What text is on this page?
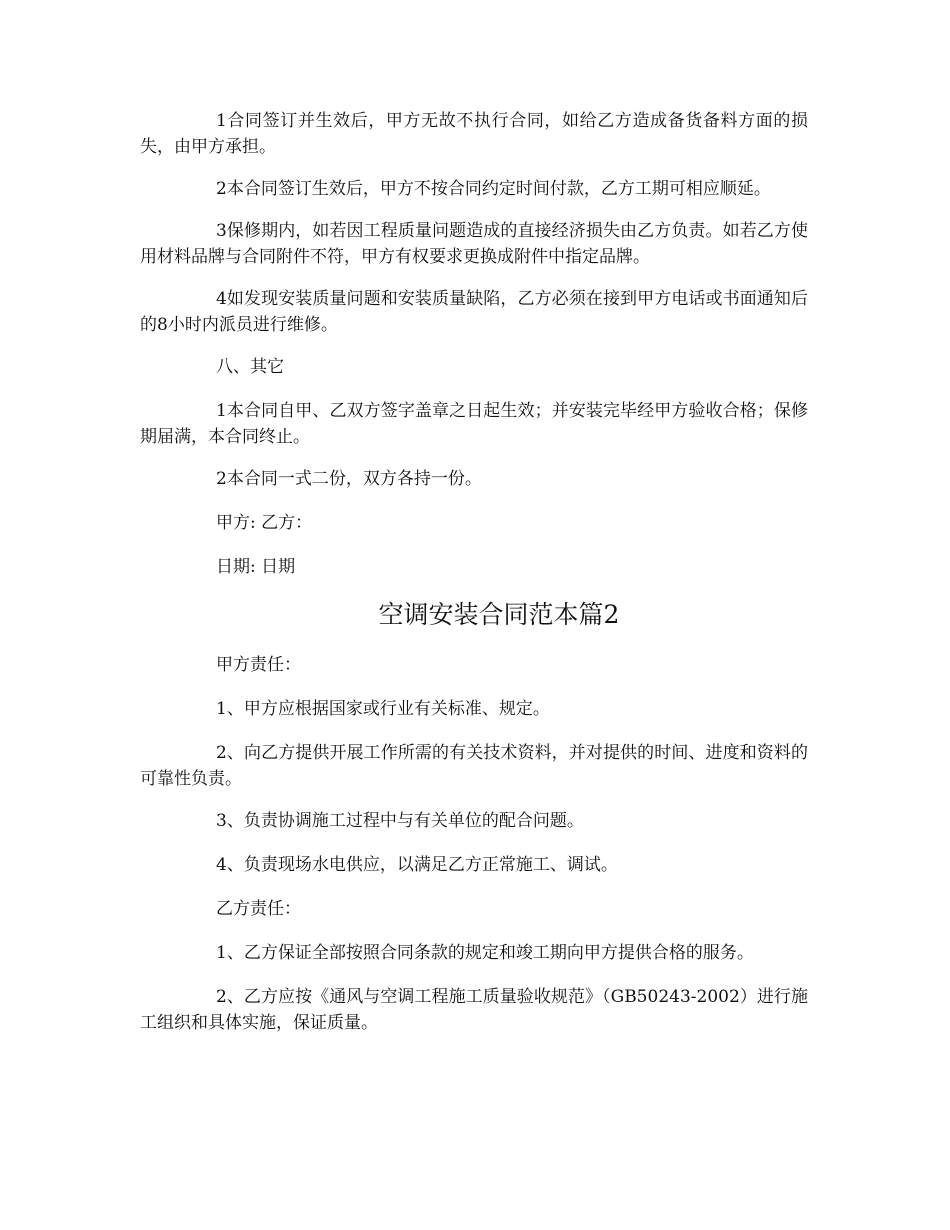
1合同签订并生效后，甲方无故不执行合同，如给乙方造成备货备料方面的损失，由甲方承担。

2本合同签订生效后，甲方不按合同约定时间付款，乙方工期可相应顺延。

3保修期内，如若因工程质量问题造成的直接经济损失由乙方负责。如若乙方使用材料品牌与合同附件不符，甲方有权要求更换成附件中指定品牌。

4如发现安装质量问题和安装质量缺陷，乙方必须在接到甲方电话或书面通知后的8小时内派员进行维修。

八、其它

1本合同自甲、乙双方签字盖章之日起生效；并安装完毕经甲方验收合格；保修期届满，本合同终止。

2本合同一式二份，双方各持一份。

甲方: 乙方：

日期: 日期

空调安装合同范本篇2

甲方责任：

1、甲方应根据国家或行业有关标准、规定。

2、向乙方提供开展工作所需的有关技术资料，并对提供的时间、进度和资料的可靠性负责。

3、负责协调施工过程中与有关单位的配合问题。

4、负责现场水电供应，以满足乙方正常施工、调试。

乙方责任：

1、乙方保证全部按照合同条款的规定和竣工期向甲方提供合格的服务。

2、乙方应按《通风与空调工程施工质量验收规范》（GB50243-2002）进行施工组织和具体实施，保证质量。
